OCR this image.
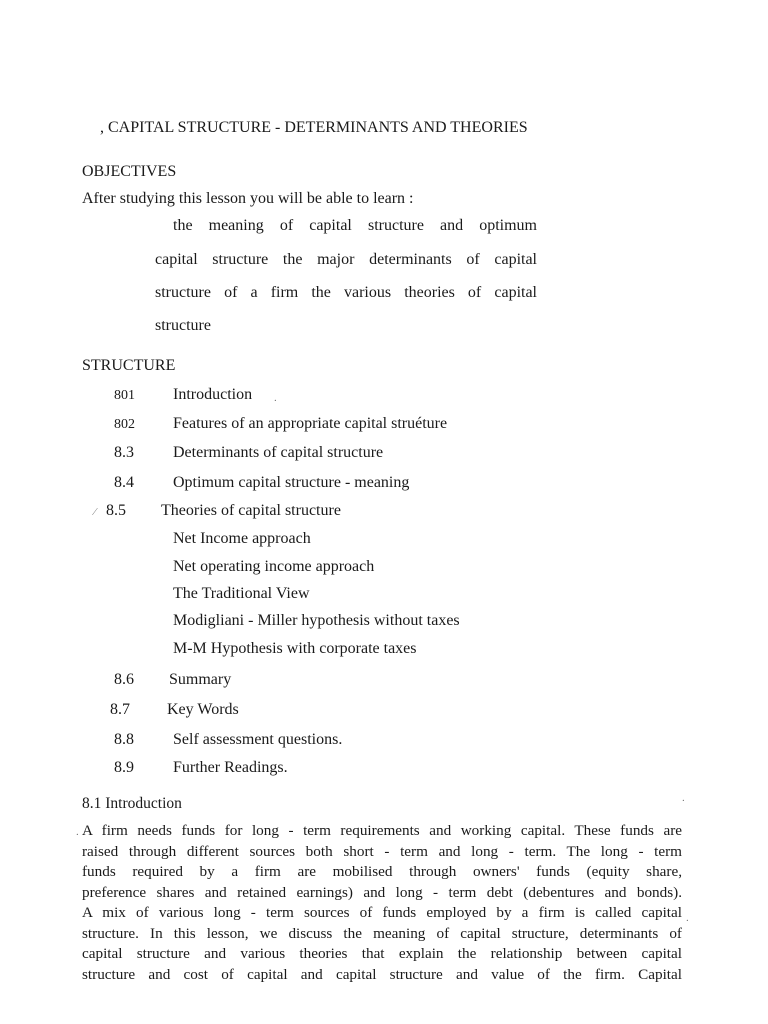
, CAPITAL STRUCTURE - DETERMINANTS AND THEORIES
OBJECTIVES
After studying this lesson you will be able to learn :
the meaning of capital structure and optimum
capital structure the major determinants of capital
structure of a firm the various theories of capital
structure
STRUCTURE
801 Introduction
802 Features of an appropriate capital struéture
8.3 Determinants of capital structure
8.4 Optimum capital structure - meaning
8.5 Theories of capital structure
Net Income approach
Net operating income approach
The Traditional View
Modigliani - Miller hypothesis without taxes
M-M Hypothesis with corporate taxes
8.6 Summary
8.7 Key Words
8.8 Self assessment questions.
8.9 Further Readings.
⁄
.
.
.
.
8.1 Introduction
A firm needs funds for long - term requirements and working capital. These funds are
raised through different sources both short - term and long - term. The long - term
funds required by a firm are mobilised through owners' funds (equity share,
preference shares and retained earnings) and long - term debt (debentures and bonds).
A mix of various long - term sources of funds employed by a firm is called capital
structure. In this lesson, we discuss the meaning of capital structure, determinants of
capital structure and various theories that explain the relationship between capital
structure and cost of capital and capital structure and value of the firm. Capital
